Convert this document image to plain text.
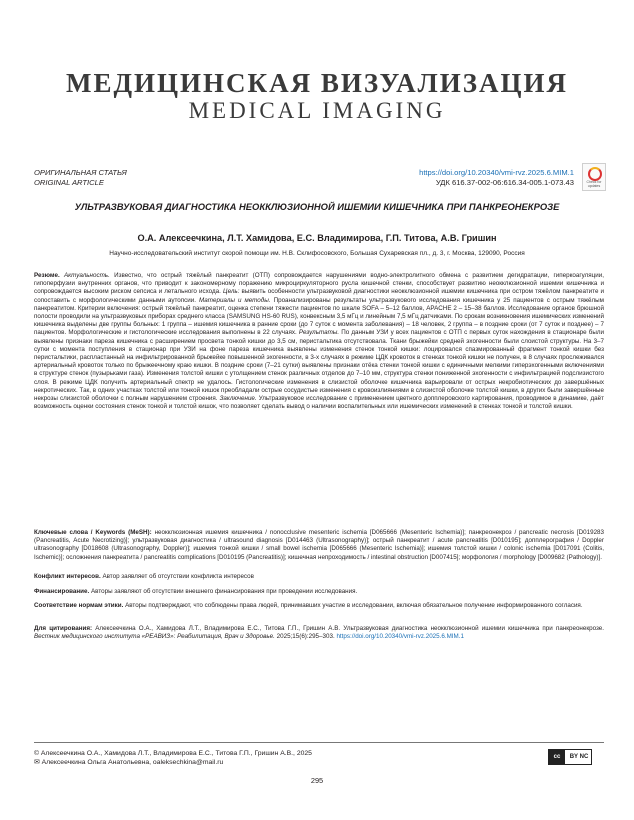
МЕДИЦИНСКАЯ ВИЗУАЛИЗАЦИЯ
MEDICAL IMAGING
ОРИГИНАЛЬНАЯ СТАТЬЯ
ORIGINAL ARTICLE
https://doi.org/10.20340/vmi-rvz.2025.6.MIM.1
УДК 616.37-002-06:616.34-005.1-073.43	Check for updates
УЛЬТРАЗВУКОВАЯ ДИАГНОСТИКА НЕОККЛЮЗИОННОЙ ИШЕМИИ КИШЕЧНИКА ПРИ ПАНКРЕОНЕКРОЗЕ
О.А. Алексеечкина, Л.Т. Хамидова, Е.С. Владимирова, Г.П. Титова, А.В. Гришин
Научно-исследовательский институт скорой помощи им. Н.В. Склифосовского, Большая Сухаревская пл., д. 3, г. Москва, 129090, Россия
Резюме. Актуальность. Известно, что острый тяжёлый панкреатит (ОТП) сопровождается нарушениями водно-электролитного обмена с развитием дегидратации, гиперкоагуляции, гипоперфузии внутренних органов, что приводит к закономерному поражению микроциркуляторного русла кишечной стенки, способствует развитию неокклюзионной ишемии кишечника и сопровождается высоким риском сепсиса и летального исхода. Цель: выявить особенности ультразвуковой диагностики неокклюзионной ишемии кишечника при остром тяжёлом панкреатите и сопоставить с морфологическими данными аутопсии. Материалы и методы. Проанализированы результаты ультразвукового исследования кишечника у 25 пациентов с острым тяжёлым панкреатитом. Критерии включения: острый тяжёлый панкреатит, оценка степени тяжести пациентов по шкале SOFA – 5–12 баллов, APACHE 2 – 15–38 баллов. Исследование органов брюшной полости проводили на ультразвуковых приборах среднего класса (SAMSUNG HS-60 RUS), конвексным 3,5 мГц и линейным 7,5 мГц датчиками. По срокам возникновения ишемических изменений кишечника выделены две группы больных: 1 группа – ишемия кишечника в ранние сроки (до 7 суток с момента заболевания) – 18 человек, 2 группа – в поздние сроки (от 7 суток и позднее) – 7 пациентов. Морфологические и гистологические исследования выполнены в 22 случаях. Результаты. По данным УЗИ у всех пациентов с ОТП с первых суток нахождения в стационаре были выявлены признаки пареза кишечника с расширением просвета тонкой кишки до 3,5 см, перистальтика отсутствовала. Ткани брыжейки средней эхогенности были слоистой структуры. На 3–7 сутки с момента поступления в стационар при УЗИ на фоне пареза кишечника выявлены изменения стенок тонкой кишки: лоцировался спазмированный фрагмент тонкой кишки без перистальтики, распластанный на инфильтрированной брыжейке повышенной эхогенности, в 3-х случаях в режиме ЦДК кровоток в стенках тонкой кишки не получен, в 8 случаях прослеживался артериальный кровоток только по брыжеечному краю кишки. В поздние сроки (7–21 сутки) выявлены признаки отёка стенки тонкой кишки с единичными мелкими гиперэхогенными включениями в структуре стенок (пузырьками газа). Изменения толстой кишки с утолщением стенок различных отделов до 7–10 мм, структура стенки пониженной эхогенности с инфильтрацией подслизистого слоя. В режиме ЦДК получить артериальный спектр не удалось. Гистологические изменения в слизистой оболочке кишечника варьировали от острых некробиотических до завершённых некротических. Так, в одних участках толстой или тонкой кишок преобладали острые сосудистые изменения с кровоизлияниями в слизистой оболочке толстой кишки, в других были завершённые некрозы слизистой оболочки с полным нарушением строения. Заключение. Ультразвуковое исследование с применением цветного допплеровского картирования, проводимое в динамике, даёт возможность оценки состояния стенок тонкой и толстой кишок, что позволяет сделать вывод о наличии воспалительных или ишемических изменений в стенках тонкой и толстой кишки.
Ключевые слова / Keywords (MeSH): неокклюзионная ишемия кишечника / nonocclusive mesenteric ischemia [D065666 (Mesenteric Ischemia)]; панкреонекроз / pancreatic necrosis [D019283 (Pancreatitis, Acute Necrotizing)]; ультразвуковая диагностика / ultrasound diagnosis [D014463 (Ultrasonography)]; острый панкреатит / acute pancreatitis [D010195]; допплерография / Doppler ultrasonography [D018608 (Ultrasonography, Doppler)]; ишемия тонкой кишки / small bowel ischemia [D065666 (Mesenteric Ischemia)]; ишемия толстой кишки / colonic ischemia [D017091 (Colitis, Ischemic)]; осложнения панкреатита / pancreatitis complications [D010195 (Pancreatitis)]; кишечная непроходимость / intestinal obstruction [D007415]; морфология / morphology [D009682 (Pathology)].
Конфликт интересов. Автор заявляет об отсутствии конфликта интересов
Финансирование. Авторы заявляют об отсутствии внешнего финансирования при проведении исследования.
Соответствие нормам этики. Авторы подтверждают, что соблюдены права людей, принимавших участие в исследовании, включая обязательное получение информированного согласия.
Для цитирования: Алексеечкина О.А., Хамидова Л.Т., Владимирова Е.С., Титова Г.П., Гришин А.В. Ультразвуковая диагностика неокклюзионной ишемии кишечника при панкреонекрозе. Вестник медицинского института «РЕАВИЗ»: Реабилитация, Врач и Здоровье. 2025;15(6):295–303. https://doi.org/10.20340/vmi-rvz.2025.6.MIM.1
© Алексеечкина О.А., Хамидова Л.Т., Владимирова Е.С., Титова Г.П., Гришин А.В., 2025
✉ Алексеечкина Ольга Анатольевна, oaleksechkina@mail.ru
cc	BY NC
295
